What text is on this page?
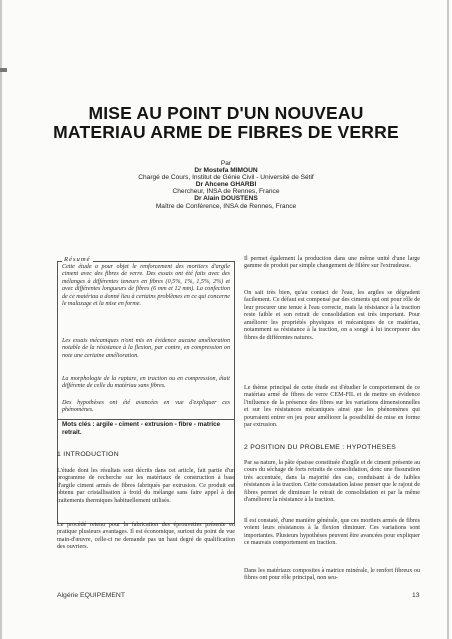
MISE AU POINT D'UN NOUVEAU
MATERIAU ARME DE FIBRES DE VERRE
Par
Dr Mostefa MIMOUN
Chargé de Cours, Institut de Génie Civil - Université de Sétif
Dr Ahcene GHARBI
Chercheur, INSA de Rennes, France
Dr Alain DOUSTENS
Maître de Conférence, INSA de Rennes, France
Résumé
Cette étude a pour objet le renforcement des mortiers d'argile ciment avec des fibres de verre. Des essais ont été faits avec des mélanges à différentes teneurs en fibres (0,5%, 1%, 1,5%, 2%) et avec différentes longueurs de fibres (6 mm et 12 mm). La confection de ce matériau a donné lieu à certains problèmes en ce qui concerne le malaxage et la mise en forme.
Les essais mécaniques n'ont mis en évidence aucune amélioration notable de la résistance à la flexion, par contre, en compression on note une certaine amélioration.
La morphologie de la rupture, en traction ou en compression, était différente de celle du matériau sans fibres.
Des hypothèses ont été avancées en vue d'expliquer ces phénomènes.
Mots clés : argile - ciment - extrusion - fibre - matrice retrait.
1 INTRODUCTION
L'étude dont les résultats sont décrits dans cet article, fait partie d'un programme de recherche sur les matériaux de construction à base d'argile ciment armés de fibres fabriqués par extrusion. Ce produit est obtenu par cristallisation à froid du mélange sans faire appel à des traitements thermiques habituellement utilisés.
Le procédé retenu pour la fabrication des éprouvettes présente en pratique plusieurs avantages. Il est économique, surtout du point de vue main-d'œuvre, celle-ci ne demande pas un haut degré de qualification des ouvriers.
Il permet également la production dans une même unité d'une large gamme de produit par simple changement de filière sur l'extrudeuse.
On sait très bien, qu'au contact de l'eau, les argiles se dégradent facilement. Ce défaut est compensé par des ciments qui ont pour rôle de leur procurer une tenue à l'eau correcte, mais la résistance à la traction reste faible et son retrait de consolidation est très important. Pour améliorer les propriétés physiques et mécaniques de ce matériau, notamment sa résistance à la traction, on a songé à lui incorporer des fibres de différentes natures.
Le thème principal de cette étude est d'étudier le comportement de ce matériau armé de fibres de verre CEM-FIL et de mettre en évidence l'influence de la présence des fibres sur les variations dimensionnelles et sur les résistances mécaniques ainsi que les phénomènes qui pourraient entrer en jeu pour améliorer la possibilité de mise en forme par extrusion.
2 POSITION DU PROBLEME : HYPOTHESES
Par sa nature, la pâte épaisse constituée d'argile et de ciment présente au cours du séchage de forts retraits de consolidation, donc une fissuration très accentuée, dans la majorité des cas, conduisant à de faibles résistances à la traction. Cette constatation laisse penser que le rajout de fibres permet de diminuer le retrait de consolidation et par la même d'améliorer la résistance à la traction.
Il est constaté, d'une manière générale, que ces mortiers armés de fibres voient leurs résistances à la flexion diminuer. Ces variations sont importantes. Plusieurs hypothèses peuvent être avancées pour expliquer ce mauvais comportement en traction.
Dans les matériaux composites à matrice minérale, le renfort fibreux ou fibres ont pour rôle principal, non seu-
Algérie EQUIPEMENT	13
